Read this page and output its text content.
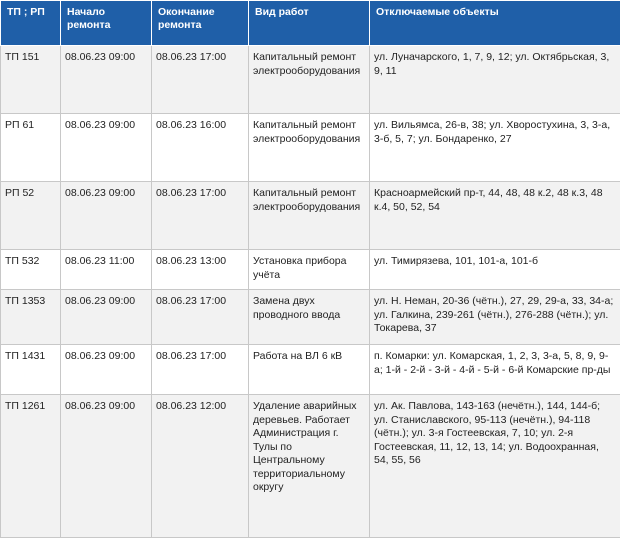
ТП ; РП	Начало ремонта	Окончание ремонта	Вид работ	Отключаемые объекты
ТП 151	08.06.23 09:00	08.06.23 17:00	Капитальный ремонт электрооборудования	ул. Луначарского, 1, 7, 9, 12; ул. Октябрьская, 3, 9, 11
РП 61	08.06.23 09:00	08.06.23 16:00	Капитальный ремонт электрооборудования	ул. Вильямса, 26-в, 38; ул. Хворостухина, 3, 3-а, 3-б, 5, 7; ул. Бондаренко, 27
РП 52	08.06.23 09:00	08.06.23 17:00	Капитальный ремонт электрооборудования	Красноармейский пр-т, 44, 48, 48 к.2, 48 к.3, 48 к.4, 50, 52, 54
ТП 532	08.06.23 11:00	08.06.23 13:00	Установка прибора учёта	ул. Тимирязева, 101, 101-а, 101-б
ТП 1353	08.06.23 09:00	08.06.23 17:00	Замена двух проводного ввода	ул. Н. Неман, 20-36 (чётн.), 27, 29, 29-а, 33, 34-а; ул. Галкина, 239-261 (чётн.), 276-288 (чётн.); ул. Токарева, 37
ТП 1431	08.06.23 09:00	08.06.23 17:00	Работа на ВЛ 6 кВ	п. Комарки: ул. Комарская, 1, 2, 3, 3-а, 5, 8, 9, 9-а; 1-й - 2-й - 3-й - 4-й - 5-й - 6-й Комарские пр-ды
ТП 1261	08.06.23 09:00	08.06.23 12:00	Удаление аварийных деревьев. Работает Администрация г. Тулы по Центральному территориальному округу	ул. Ак. Павлова, 143-163 (нечётн.), 144, 144-б; ул. Станиславского, 95-113 (нечётн.), 94-118 (чётн.); ул. 3-я Гостеевская, 7, 10; ул. 2-я Гостеевская, 11, 12, 13, 14; ул. Водоохранная, 54, 55, 56
